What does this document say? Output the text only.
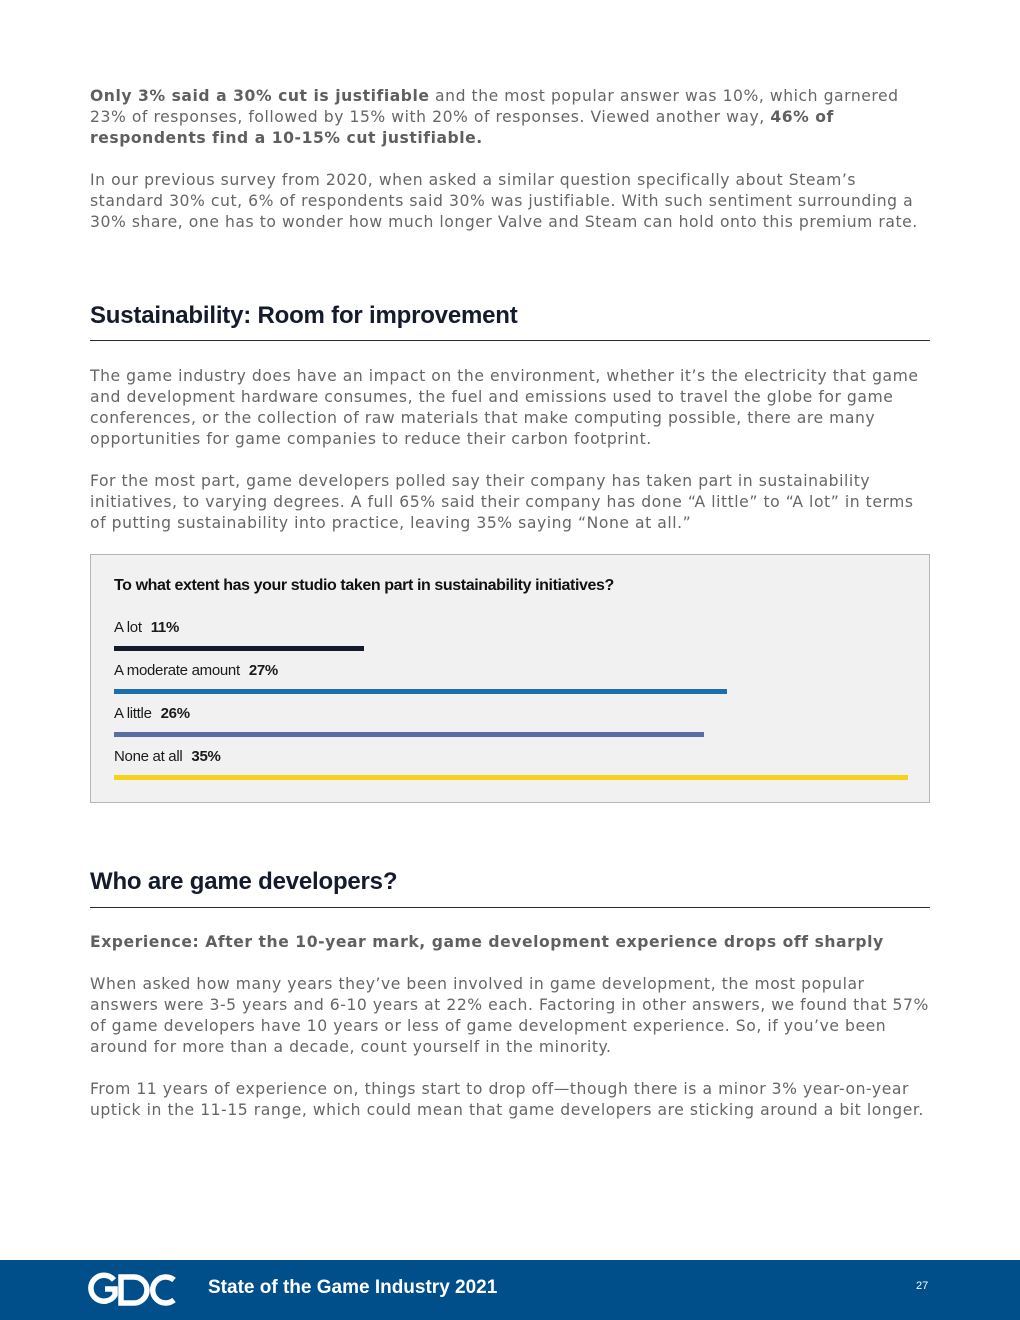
Only 3% said a 30% cut is justifiable and the most popular answer was 10%, which garnered 23% of responses, followed by 15% with 20% of responses. Viewed another way, 46% of respondents find a 10-15% cut justifiable.

In our previous survey from 2020, when asked a similar question specifically about Steam’s standard 30% cut, 6% of respondents said 30% was justifiable. With such sentiment surrounding a 30% share, one has to wonder how much longer Valve and Steam can hold onto this premium rate.

Sustainability: Room for improvement

The game industry does have an impact on the environment, whether it’s the electricity that game and development hardware consumes, the fuel and emissions used to travel the globe for game conferences, or the collection of raw materials that make computing possible, there are many opportunities for game companies to reduce their carbon footprint.

For the most part, game developers polled say their company has taken part in sustainability initiatives, to varying degrees. A full 65% said their company has done “A little” to “A lot” in terms of putting sustainability into practice, leaving 35% saying “None at all.”

To what extent has your studio taken part in sustainability initiatives?
A lot 11%
A moderate amount 27%
A little 26%
None at all 35%
Who are game developers?

Experience: After the 10-year mark, game development experience drops off sharply

When asked how many years they’ve been involved in game development, the most popular answers were 3-5 years and 6-10 years at 22% each. Factoring in other answers, we found that 57% of game developers have 10 years or less of game development experience. So, if you’ve been around for more than a decade, count yourself in the minority.

From 11 years of experience on, things start to drop off—though there is a minor 3% year-on-year uptick in the 11-15 range, which could mean that game developers are sticking around a bit longer.

State of the Game Industry 2021	27
